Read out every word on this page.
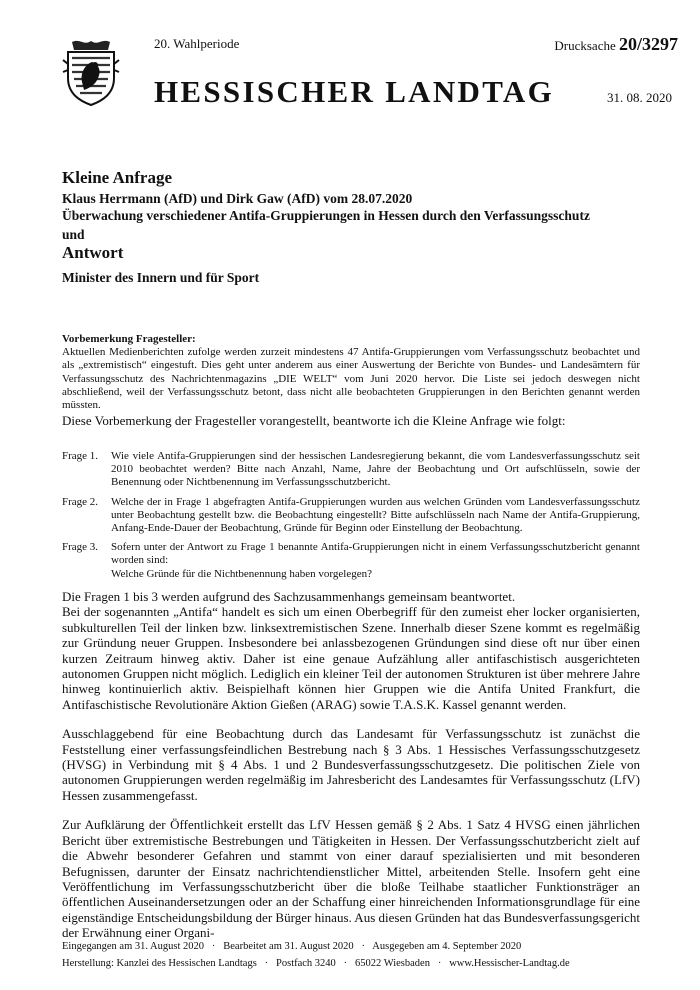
20. Wahlperiode	Drucksache 20/3297
HESSISCHER LANDTAG	31. 08. 2020
Kleine Anfrage
Klaus Herrmann (AfD) und Dirk Gaw (AfD) vom 28.07.2020
Überwachung verschiedener Antifa-Gruppierungen in Hessen durch den Verfassungsschutz
und
Antwort
Minister des Innern und für Sport
Vorbemerkung Fragesteller:
Aktuellen Medienberichten zufolge werden zurzeit mindestens 47 Antifa-Gruppierungen vom Verfassungsschutz beobachtet und als „extremistisch“ eingestuft. Dies geht unter anderem aus einer Auswertung der Berichte von Bundes- und Landesämtern für Verfassungsschutz des Nachrichtenmagazins „DIE WELT“ vom Juni 2020 hervor. Die Liste sei jedoch deswegen nicht abschließend, weil der Verfassungsschutz betont, dass nicht alle beobachteten Gruppierungen in den Berichten genannt werden müssten.
Diese Vorbemerkung der Fragesteller vorangestellt, beantworte ich die Kleine Anfrage wie folgt:
Frage 1.	Wie viele Antifa-Gruppierungen sind der hessischen Landesregierung bekannt, die vom Landesverfassungsschutz seit 2010 beobachtet werden? Bitte nach Anzahl, Name, Jahre der Beobachtung und Ort aufschlüsseln, sowie der Benennung oder Nichtbenennung im Verfassungsschutzbericht.
Frage 2.	Welche der in Frage 1 abgefragten Antifa-Gruppierungen wurden aus welchen Gründen vom Landesverfassungsschutz unter Beobachtung gestellt bzw. die Beobachtung eingestellt? Bitte aufschlüsseln nach Name der Antifa-Gruppierung, Anfang-Ende-Dauer der Beobachtung, Gründe für Beginn oder Einstellung der Beobachtung.
Frage 3.	Sofern unter der Antwort zu Frage 1 benannte Antifa-Gruppierungen nicht in einem Verfassungsschutzbericht genannt worden sind:
Welche Gründe für die Nichtbenennung haben vorgelegen?

Die Fragen 1 bis 3 werden aufgrund des Sachzusammenhangs gemeinsam beantwortet.

Bei der sogenannten „Antifa“ handelt es sich um einen Oberbegriff für den zumeist eher locker organisierten, subkulturellen Teil der linken bzw. linksextremistischen Szene. Innerhalb dieser Szene kommt es regelmäßig zur Gründung neuer Gruppen. Insbesondere bei anlassbezogenen Gründungen sind diese oft nur über einen kurzen Zeitraum hinweg aktiv. Daher ist eine genaue Aufzählung aller antifaschistisch ausgerichteten autonomen Gruppen nicht möglich. Lediglich ein kleiner Teil der autonomen Strukturen ist über mehrere Jahre hinweg kontinuierlich aktiv. Beispielhaft können hier Gruppen wie die Antifa United Frankfurt, die Antifaschistische Revolutionäre Aktion Gießen (ARAG) sowie T.A.S.K. Kassel genannt werden.

Ausschlaggebend für eine Beobachtung durch das Landesamt für Verfassungsschutz ist zunächst die Feststellung einer verfassungsfeindlichen Bestrebung nach § 3 Abs. 1 Hessisches Verfassungsschutzgesetz (HVSG) in Verbindung mit § 4 Abs. 1 und 2 Bundesverfassungsschutzgesetz. Die politischen Ziele von autonomen Gruppierungen werden regelmäßig im Jahresbericht des Landesamtes für Verfassungsschutz (LfV) Hessen zusammengefasst.

Zur Aufklärung der Öffentlichkeit erstellt das LfV Hessen gemäß § 2 Abs. 1 Satz 4 HVSG einen jährlichen Bericht über extremistische Bestrebungen und Tätigkeiten in Hessen. Der Verfassungsschutzbericht zielt auf die Abwehr besonderer Gefahren und stammt von einer darauf spezialisierten und mit besonderen Befugnissen, darunter der Einsatz nachrichtendienstlicher Mittel, arbeitenden Stelle. Insofern geht eine Veröffentlichung im Verfassungsschutzbericht über die bloße Teilhabe staatlicher Funktionsträger an öffentlichen Auseinandersetzungen oder an der Schaffung einer hinreichenden Informationsgrundlage für eine eigenständige Entscheidungsbildung der Bürger hinaus. Aus diesen Gründen hat das Bundesverfassungsgericht der Erwähnung einer Organi-

Eingegangen am 31. August 2020   ·   Bearbeitet am 31. August 2020   ·   Ausgegeben am 4. September 2020
Herstellung: Kanzlei des Hessischen Landtags   ·   Postfach 3240   ·   65022 Wiesbaden   ·   www.Hessischer-Landtag.de
